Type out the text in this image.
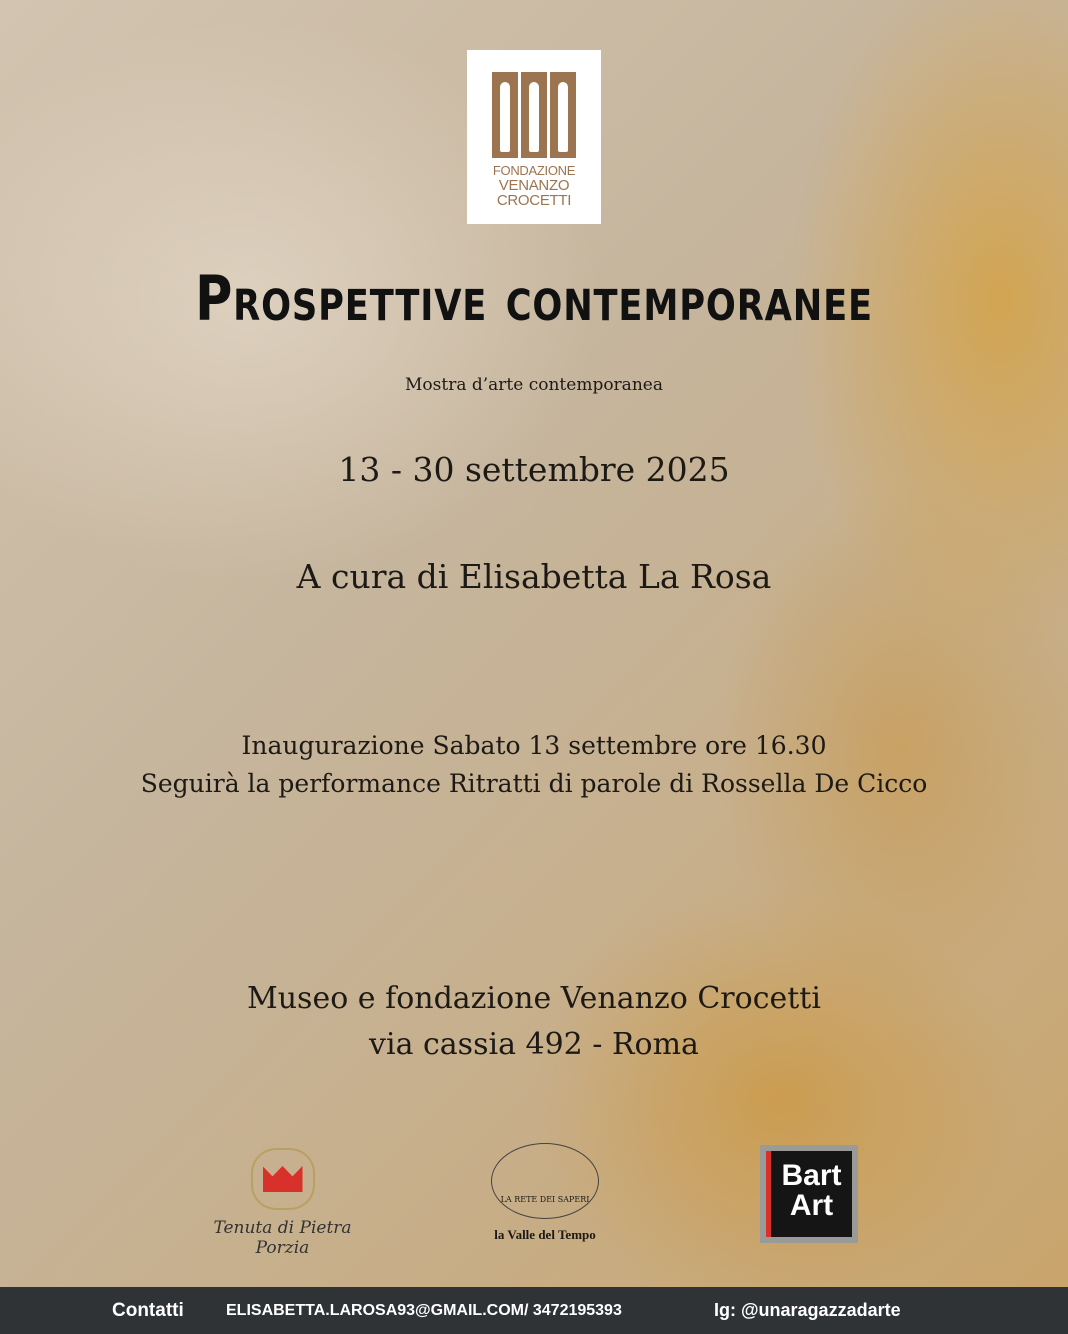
FONDAZIONE
VENANZO
CROCETTI
Prospettive contemporanee
Mostra d’arte contemporanea
13 - 30 settembre 2025
A cura di Elisabetta La Rosa
Inaugurazione Sabato 13 settembre ore 16.30
Seguirà la performance Ritratti di parole di Rossella De Cicco
Museo e fondazione Venanzo Crocetti
via cassia 492 - Roma
Tenuta di Pietra Porzia
LA RETE DEI SAPERI
la Valle del Tempo
Bart
Art
Contatti	ELISABETTA.LAROSA93@GMAIL.COM/ 3472195393	Ig: @unaragazzadarte
